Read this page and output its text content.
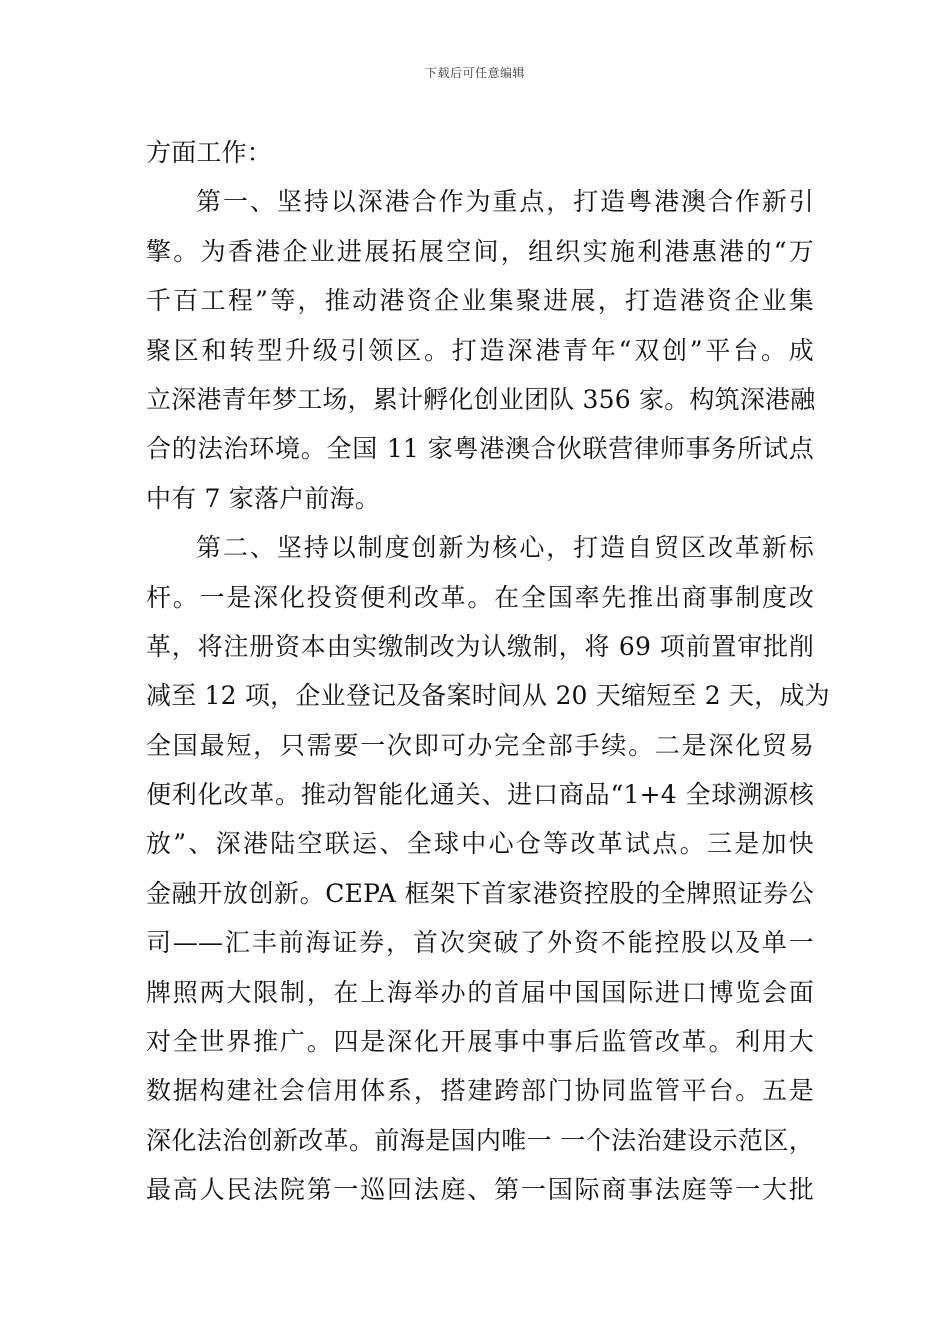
下载后可任意编辑
方面工作：
第一、坚持以深港合作为重点，打造粤港澳合作新引
擎。为香港企业进展拓展空间，组织实施利港惠港的“万
千百工程”等，推动港资企业集聚进展，打造港资企业集
聚区和转型升级引领区。打造深港青年“双创”平台。成
立深港青年梦工场，累计孵化创业团队 356 家。构筑深港融
合的法治环境。全国 11 家粤港澳合伙联营律师事务所试点
中有 7 家落户前海。
第二、坚持以制度创新为核心，打造自贸区改革新标
杆。一是深化投资便利改革。在全国率先推出商事制度改
革，将注册资本由实缴制改为认缴制，将 69 项前置审批削
减至 12 项，企业登记及备案时间从 20 天缩短至 2 天，成为
全国最短，只需要一次即可办完全部手续。二是深化贸易
便利化改革。推动智能化通关、进口商品“1+4 全球溯源核
放”、深港陆空联运、全球中心仓等改革试点。三是加快
金融开放创新。CEPA 框架下首家港资控股的全牌照证券公
司——汇丰前海证券，首次突破了外资不能控股以及单一
牌照两大限制，在上海举办的首届中国国际进口博览会面
对全世界推广。四是深化开展事中事后监管改革。利用大
数据构建社会信用体系，搭建跨部门协同监管平台。五是
深化法治创新改革。前海是国内唯一 一个法治建设示范区，
最高人民法院第一巡回法庭、第一国际商事法庭等一大批
